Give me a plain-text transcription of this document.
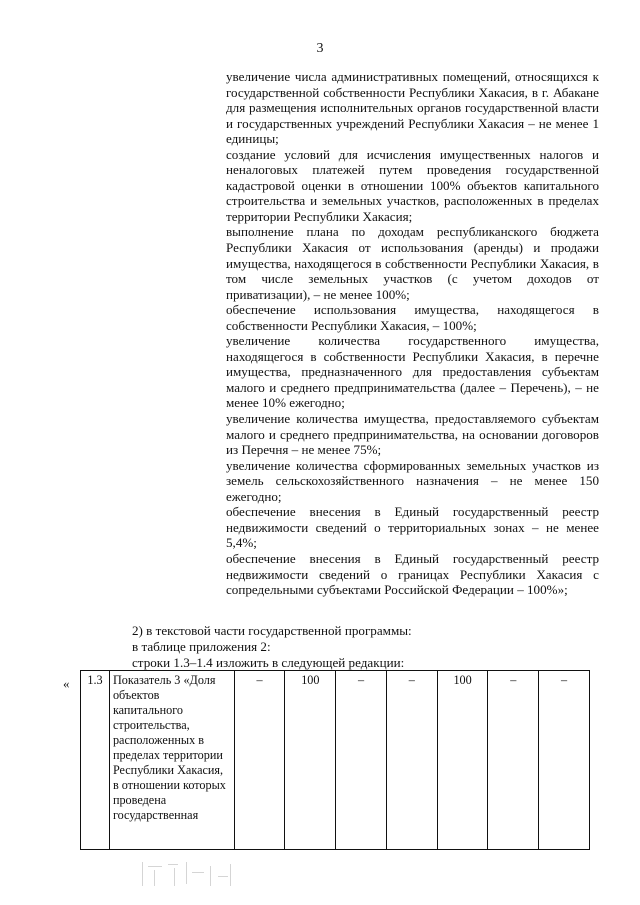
3

увеличение числа административных помещений, относящихся к государственной собственности Республики Хакасия, в г. Абакане для размещения исполнительных органов государственной власти и государственных учреждений Республики Хакасия – не менее 1 единицы;

создание условий для исчисления имущественных налогов и неналоговых платежей путем проведения государственной кадастровой оценки в отношении 100% объектов капитального строительства и земельных участков, расположенных в пределах территории Республики Хакасия;

выполнение плана по доходам республиканского бюджета Республики Хакасия от использования (аренды) и продажи имущества, находящегося в собственности Республики Хакасия, в том числе земельных участков (с учетом доходов от приватизации), – не менее 100%;

обеспечение использования имущества, находящегося в собственности Республики Хакасия, – 100%;

увеличение количества государственного имущества, находящегося в собственности Республики Хакасия, в перечне имущества, предназначенного для предоставления субъектам малого и среднего предпринимательства (далее – Перечень), – не менее 10% ежегодно;

увеличение количества имущества, предоставляемого субъектам малого и среднего предпринимательства, на основании договоров из Перечня – не менее 75%;

увеличение количества сформированных земельных участков из земель сельскохозяйственного назначения – не менее 150 ежегодно;

обеспечение внесения в Единый государственный реестр недвижимости сведений о территориальных зонах – не менее 5,4%;

обеспечение внесения в Единый государственный реестр недвижимости сведений о границах Республики Хакасия с сопредельными субъектами Российской Федерации – 100%»;

2) в текстовой части государственной программы:
в таблице приложения 2:
строки 1.3–1.4 изложить в следующей редакции:
« 1.3	Показатель 3 «Доля объектов капитального строительства, расположенных в пределах территории Республики Хакасия, в отношении которых проведена государственная	–	100	–	–	100	–	–
